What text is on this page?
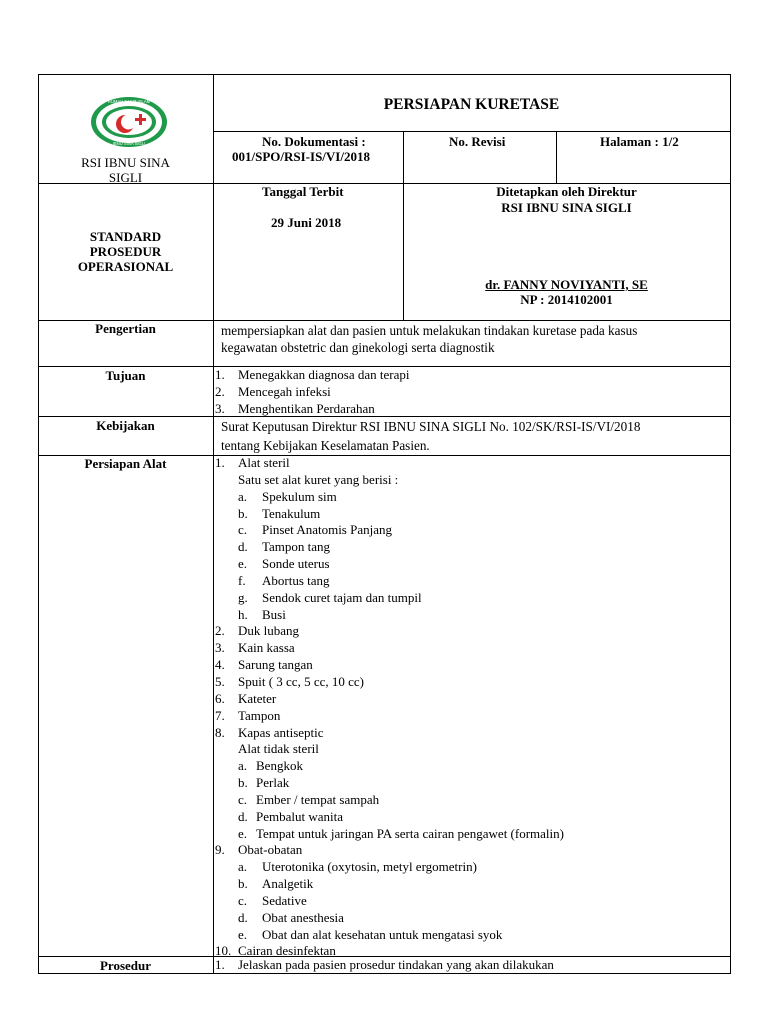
RUMAH SAKIT ISLAM
IBNU SINA SIGLI
RSI IBNU SINA
SIGLI
PERSIAPAN KURETASE
No. Dokumentasi :
001/SPO/RSI-IS/VI/2018
No. Revisi	Halaman : 1/2
STANDARD
PROSEDUR
OPERASIONAL
Tanggal Terbit
29 Juni 2018
Ditetapkan oleh Direktur
RSI IBNU SINA SIGLI
dr. FANNY NOVIYANTI, SE
NP : 2014102001
Pengertian
Tujuan
Kebijakan
Persiapan Alat
Prosedur
mempersiapkan alat dan pasien untuk melakukan tindakan kuretase pada kasus
kegawatan obstetric dan ginekologi serta diagnostik
1. Menegakkan diagnosa dan terapi
2. Mencegah infeksi
3. Menghentikan Perdarahan
Surat Keputusan Direktur RSI IBNU SINA SIGLI No. 102/SK/RSI-IS/VI/2018
tentang Kebijakan Keselamatan Pasien.
1. Alat steril
Satu set alat kuret yang berisi :
a. Spekulum sim
b. Tenakulum
c. Pinset Anatomis Panjang
d. Tampon tang
e. Sonde uterus
f. Abortus tang
g. Sendok curet tajam dan tumpil
h. Busi
2. Duk lubang
3. Kain kassa
4. Sarung tangan
5. Spuit ( 3 cc, 5 cc, 10 cc)
6. Kateter
7. Tampon
8. Kapas antiseptic
Alat tidak steril
a. Bengkok
b. Perlak
c. Ember / tempat sampah
d. Pembalut wanita
e. Tempat untuk jaringan PA serta cairan pengawet (formalin)
9. Obat-obatan
a. Uterotonika (oxytosin, metyl ergometrin)
b. Analgetik
c. Sedative
d. Obat anesthesia
e. Obat dan alat kesehatan untuk mengatasi syok
10. Cairan desinfektan
1. Jelaskan pada pasien prosedur tindakan yang akan dilakukan
